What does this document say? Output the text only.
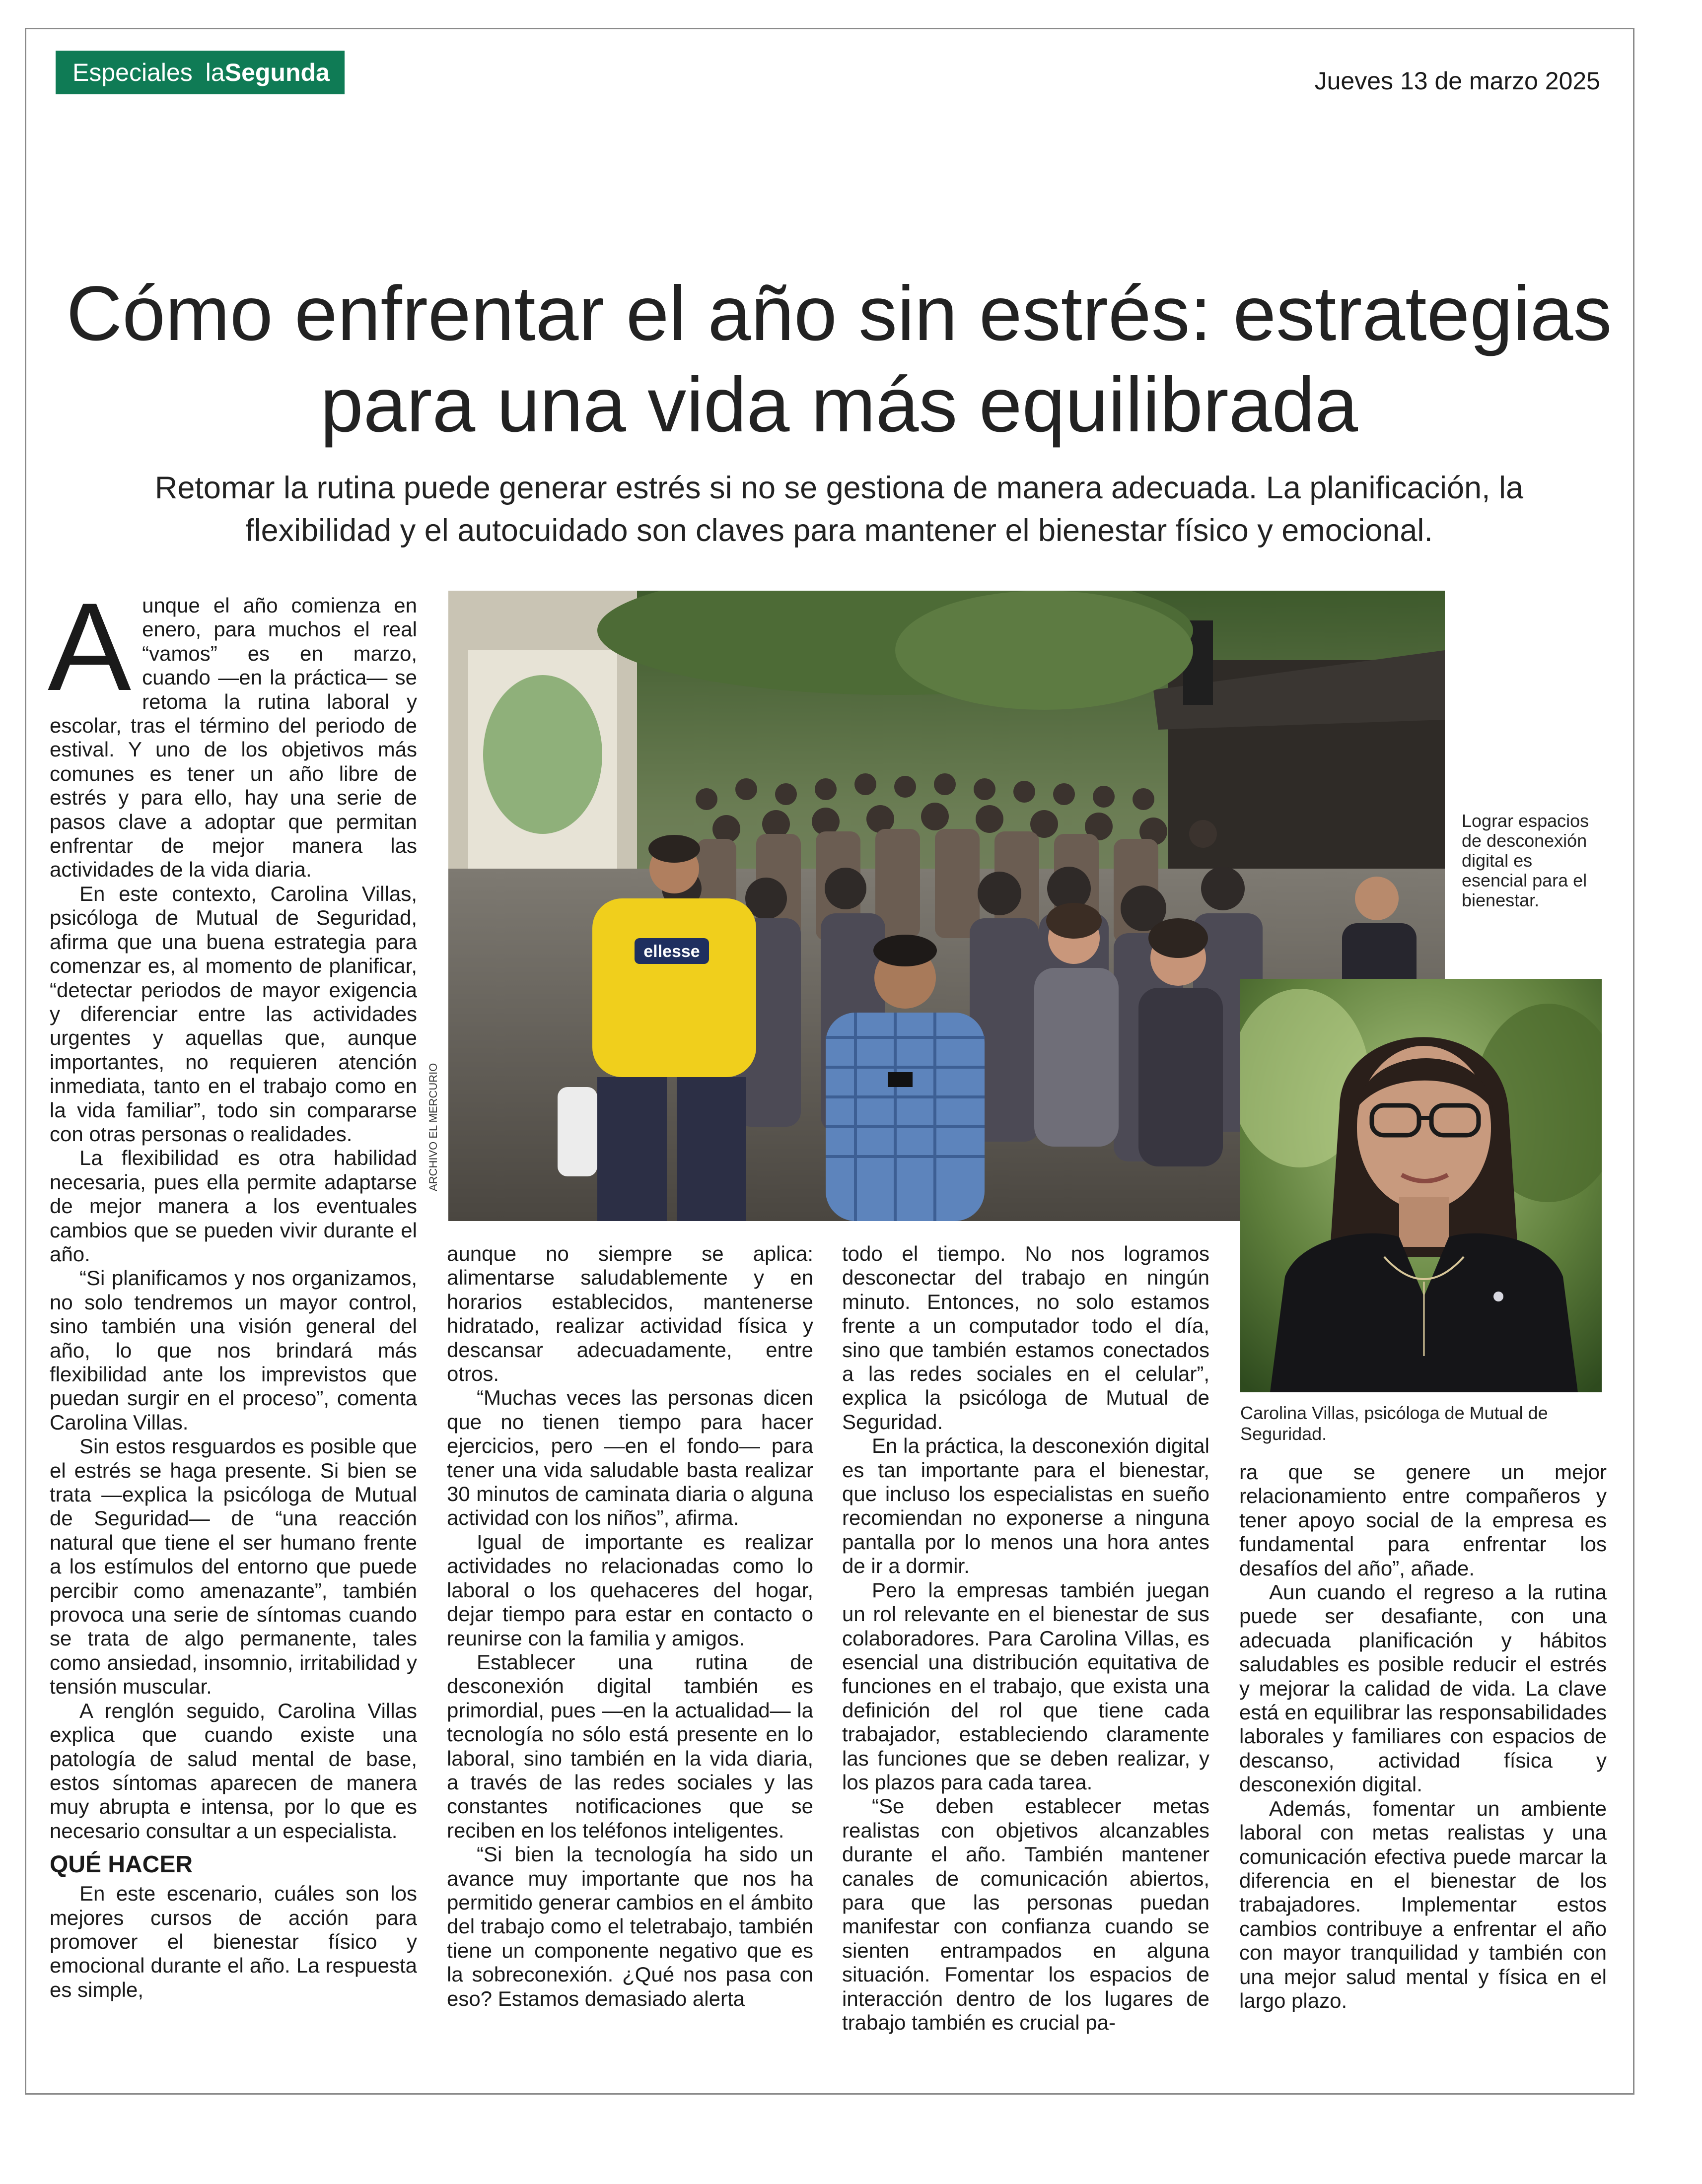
Especiales laSegunda	Jueves 13 de marzo 2025
Cómo enfrentar el año sin estrés: estrategias
para una vida más equilibrada
Retomar la rutina puede generar estrés si no se gestiona de manera adecuada. La planificación, la
flexibilidad y el autocuidado son claves para mantener el bienestar físico y emocional.

Aunque el año comienza en enero, para muchos el real “vamos” es en marzo, cuando —en la práctica— se retoma la rutina laboral y escolar, tras el término del periodo de estival. Y uno de los objetivos más comunes es tener un año libre de estrés y para ello, hay una serie de pasos clave a adoptar que permitan enfrentar de mejor manera las actividades de la vida diaria.

En este contexto, Carolina Villas, psicóloga de Mutual de Seguridad, afirma que una buena estrategia para comenzar es, al momento de planificar, “detectar periodos de mayor exigencia y diferenciar entre las actividades urgentes y aquellas que, aunque importantes, no requieren atención inmediata, tanto en el trabajo como en la vida familiar”, todo sin compararse con otras personas o realidades.

La flexibilidad es otra habilidad necesaria, pues ella permite adaptarse de mejor manera a los eventuales cambios que se pueden vivir durante el año.

“Si planificamos y nos organizamos, no solo tendremos un mayor control, sino también una visión general del año, lo que nos brindará más flexibilidad ante los imprevistos que puedan surgir en el proceso”, comenta Carolina Villas.

Sin estos resguardos es posible que el estrés se haga presente. Si bien se trata —explica la psicóloga de Mutual de Seguridad— de “una reacción natural que tiene el ser humano frente a los estímulos del entorno que puede percibir como amenazante”, también provoca una serie de síntomas cuando se trata de algo permanente, tales como ansiedad, insomnio, irritabilidad y tensión muscular.

A renglón seguido, Carolina Villas explica que cuando existe una patología de salud mental de base, estos síntomas aparecen de manera muy abrupta e intensa, por lo que es necesario consultar a un especialista.

QUÉ HACER

En este escenario, cuáles son los mejores cursos de acción para promover el bienestar físico y emocional durante el año. La respuesta es simple,

ellesse
ARCHIVO EL MERCURIO
Lograr espacios de desconexión digital es esencial para el bienestar.

aunque no siempre se aplica: alimentarse saludablemente y en horarios establecidos, mantenerse hidratado, realizar actividad física y descansar adecuadamente, entre otros.

“Muchas veces las personas dicen que no tienen tiempo para hacer ejercicios, pero —en el fondo— para tener una vida saludable basta realizar 30 minutos de caminata diaria o alguna actividad con los niños”, afirma.

Igual de importante es realizar actividades no relacionadas como lo laboral o los quehaceres del hogar, dejar tiempo para estar en contacto o reunirse con la familia y amigos.

Establecer una rutina de desconexión digital también es primordial, pues —en la actualidad— la tecnología no sólo está presente en lo laboral, sino también en la vida diaria, a través de las redes sociales y las constantes notificaciones que se reciben en los teléfonos inteligentes.

“Si bien la tecnología ha sido un avance muy importante que nos ha permitido generar cambios en el ámbito del trabajo como el teletrabajo, también tiene un componente negativo que es la sobreconexión. ¿Qué nos pasa con eso? Estamos demasiado alerta

todo el tiempo. No nos logramos desconectar del trabajo en ningún minuto. Entonces, no solo estamos frente a un computador todo el día, sino que también estamos conectados a las redes sociales en el celular”, explica la psicóloga de Mutual de Seguridad.

En la práctica, la desconexión digital es tan importante para el bienestar, que incluso los especialistas en sueño recomiendan no exponerse a ninguna pantalla por lo menos una hora antes de ir a dormir.

Pero la empresas también juegan un rol relevante en el bienestar de sus colaboradores. Para Carolina Villas, es esencial una distribución equitativa de funciones en el trabajo, que exista una definición del rol que tiene cada trabajador, estableciendo claramente las funciones que se deben realizar, y los plazos para cada tarea.

“Se deben establecer metas realistas con objetivos alcanzables durante el año. También mantener canales de comunicación abiertos, para que las personas puedan manifestar con confianza cuando se sienten entrampados en alguna situación. Fomentar los espacios de interacción dentro de los lugares de trabajo también es crucial pa-

Carolina Villas, psicóloga de Mutual de Seguridad.

ra que se genere un mejor relacionamiento entre compañeros y tener apoyo social de la empresa es fundamental para enfrentar los desafíos del año”, añade.

Aun cuando el regreso a la rutina puede ser desafiante, con una adecuada planificación y hábitos saludables es posible reducir el estrés y mejorar la calidad de vida. La clave está en equilibrar las responsabilidades laborales y familiares con espacios de descanso, actividad física y desconexión digital.

Además, fomentar un ambiente laboral con metas realistas y una comunicación efectiva puede marcar la diferencia en el bienestar de los trabajadores. Implementar estos cambios contribuye a enfrentar el año con mayor tranquilidad y también con una mejor salud mental y física en el largo plazo.
